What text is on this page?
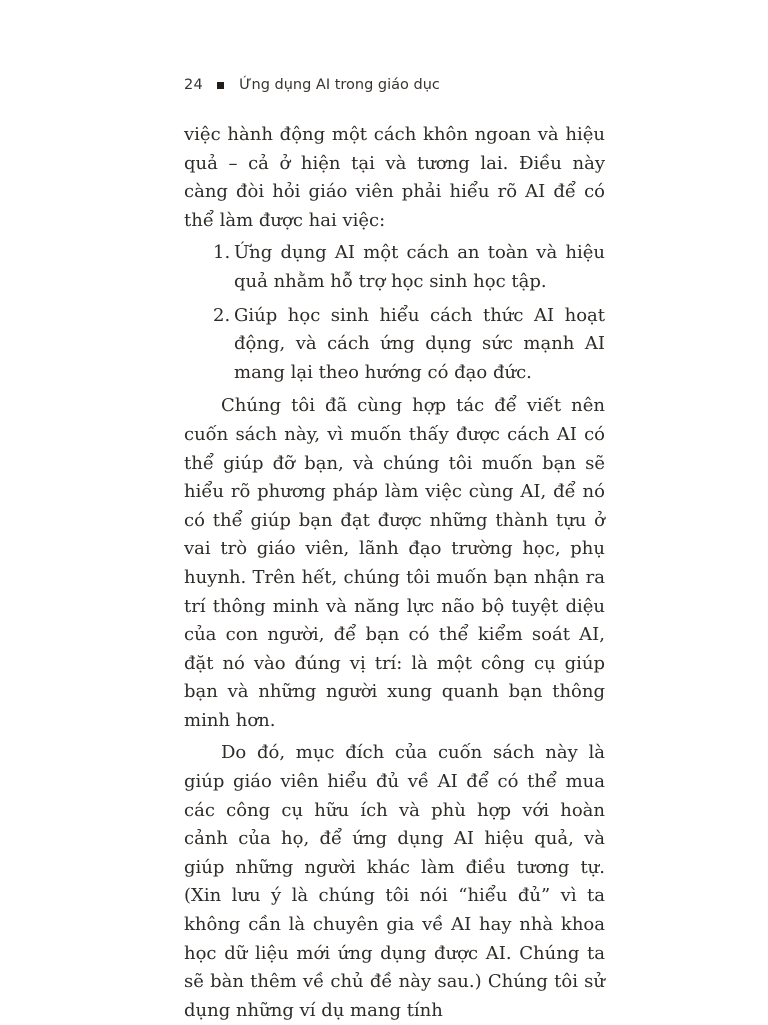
24 Ứng dụng AI trong giáo dục

việc hành động một cách khôn ngoan và hiệu quả – cả ở hiện tại và tương lai. Điều này càng đòi hỏi giáo viên phải hiểu rõ AI để có thể làm được hai việc:

1. Ứng dụng AI một cách an toàn và hiệu quả nhằm hỗ trợ học sinh học tập.
2. Giúp học sinh hiểu cách thức AI hoạt động, và cách ứng dụng sức mạnh AI mang lại theo hướng có đạo đức.

Chúng tôi đã cùng hợp tác để viết nên cuốn sách này, vì muốn thấy được cách AI có thể giúp đỡ bạn, và chúng tôi muốn bạn sẽ hiểu rõ phương pháp làm việc cùng AI, để nó có thể giúp bạn đạt được những thành tựu ở vai trò giáo viên, lãnh đạo trường học, phụ huynh. Trên hết, chúng tôi muốn bạn nhận ra trí thông minh và năng lực não bộ tuyệt diệu của con người, để bạn có thể kiểm soát AI, đặt nó vào đúng vị trí: là một công cụ giúp bạn và những người xung quanh bạn thông minh hơn.

Do đó, mục đích của cuốn sách này là giúp giáo viên hiểu đủ về AI để có thể mua các công cụ hữu ích và phù hợp với hoàn cảnh của họ, để ứng dụng AI hiệu quả, và giúp những người khác làm điều tương tự. (Xin lưu ý là chúng tôi nói “hiểu đủ” vì ta không cần là chuyên gia về AI hay nhà khoa học dữ liệu mới ứng dụng được AI. Chúng ta sẽ bàn thêm về chủ đề này sau.) Chúng tôi sử dụng những ví dụ mang tính
